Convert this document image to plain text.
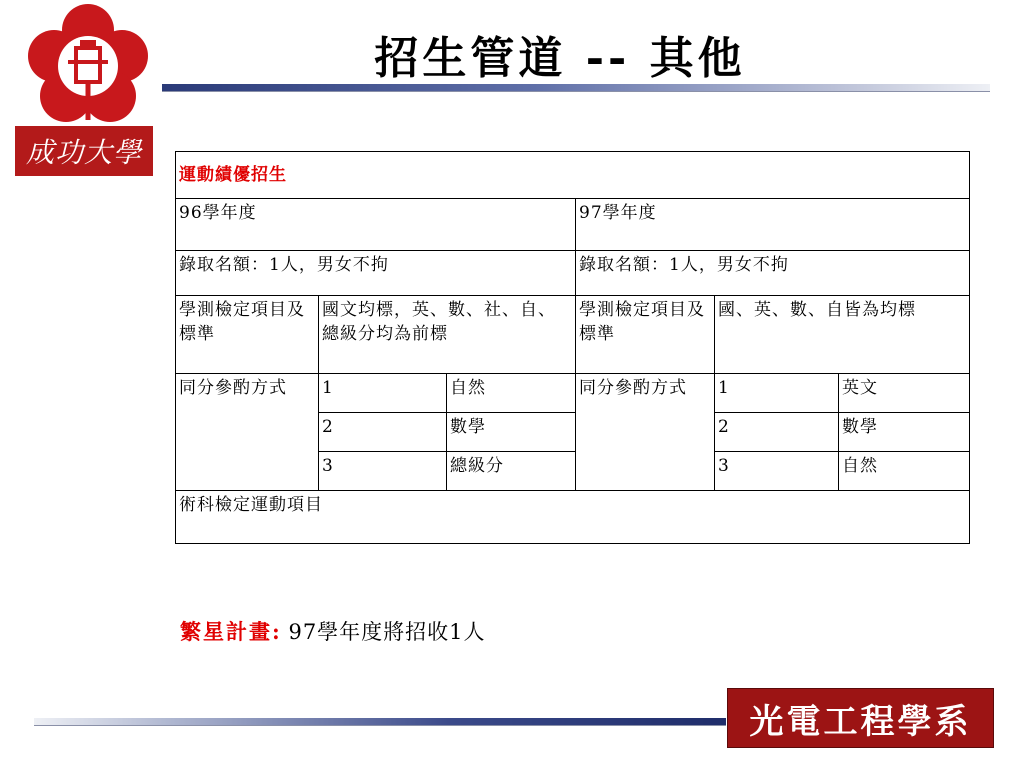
成功大學
招生管道 -- 其他
運動績優招生					
96學年度			97學年度		
錄取名額：1人，男女不拘			錄取名額：1人，男女不拘		
學測檢定項目及標準	國文均標，英、數、社、自、總級分均為前標		學測檢定項目及標準	國、英、數、自皆為均標	
同分參酌方式	1	自然	同分參酌方式	1	英文
	2	數學		2	數學
	3	總級分		3	自然
術科檢定運動項目					
繁星計畫: 97學年度將招收1人
光電工程學系
